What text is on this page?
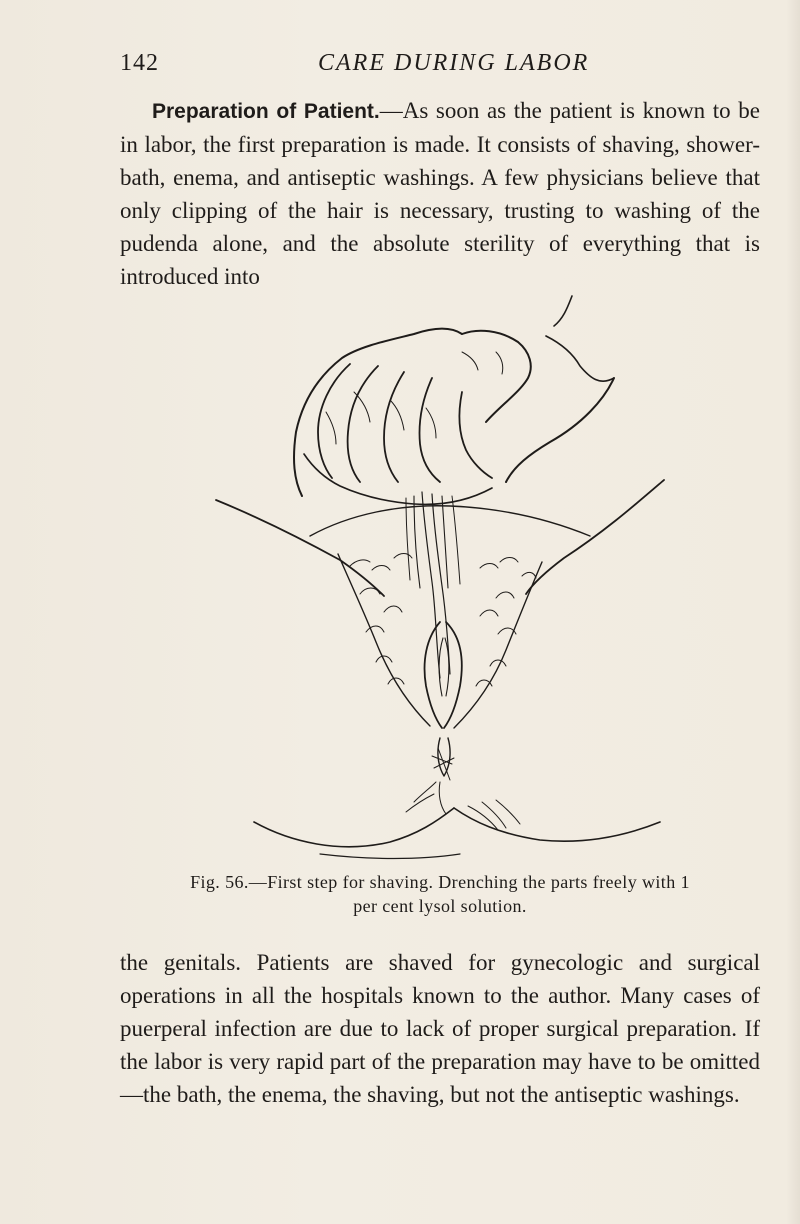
142	CARE DURING LABOR

Preparation of Patient.—As soon as the patient is known to be in labor, the first preparation is made. It consists of shaving, shower-bath, enema, and antiseptic washings. A few physicians believe that only clipping of the hair is necessary, trusting to washing of the pudenda alone, and the absolute sterility of everything that is introduced into

Fig. 56.—First step for shaving. Drenching the parts freely with 1
per cent lysol solution.

the genitals. Patients are shaved for gynecologic and surgical operations in all the hospitals known to the author. Many cases of puerperal infection are due to lack of proper surgical preparation. If the labor is very rapid part of the preparation may have to be omitted—the bath, the enema, the shaving, but not the antiseptic washings.
